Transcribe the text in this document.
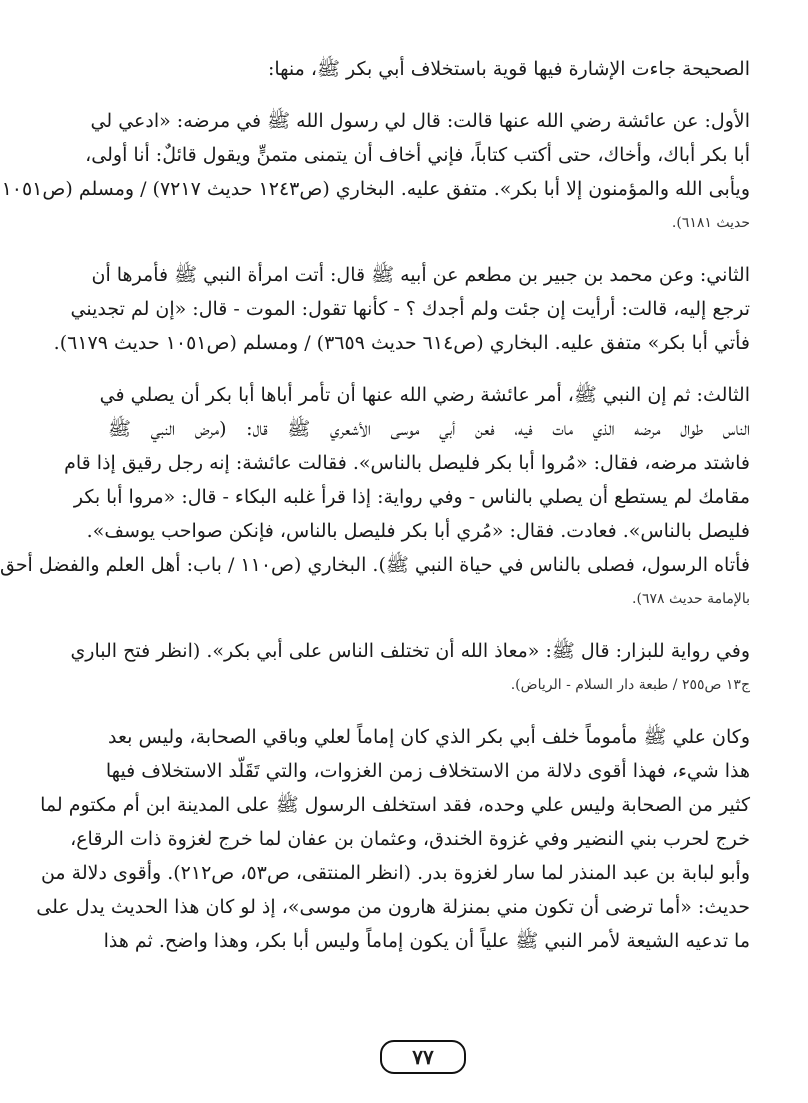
الصحيحة جاءت الإشارة فيها قوية باستخلاف أبي بكر ﷺ، منها:
الأول: عن عائشة رضي الله عنها قالت: قال لي رسول الله ﷺ في مرضه: «ادعي لي
أبا بكر أباك، وأخاك، حتى أكتب كتاباً، فإني أخاف أن يتمنى متمنٍّ ويقول قائلٌ: أنا أولى،
ويأبى الله والمؤمنون إلا أبا بكر». متفق عليه. البخاري (ص١٢٤٣ حديث ٧٢١٧) / ومسلم (ص١٠٥١
حديث ٦١٨١).
الثاني: وعن محمد بن جبير بن مطعم عن أبيه ﷺ قال: أتت امرأة النبي ﷺ فأمرها أن
ترجع إليه، قالت: أرأيت إن جئت ولم أجدك ؟ - كأنها تقول: الموت - قال: «إن لم تجديني
فأتي أبا بكر» متفق عليه. البخاري (ص٦١٤ حديث ٣٦٥٩) / ومسلم (ص١٠٥١ حديث ٦١٧٩).
الثالث: ثم إن النبي ﷺ، أمر عائشة رضي الله عنها أن تأمر أباها أبا بكر أن يصلي في
الناس طوال مرضه الذي مات فيه، فعن أبي موسى الأشعري ﷺ قال: (مرض النبي ﷺ
فاشتد مرضه، فقال: «مُروا أبا بكر فليصل بالناس». فقالت عائشة: إنه رجل رقيق إذا قام
مقامك لم يستطع أن يصلي بالناس - وفي رواية: إذا قرأ غلبه البكاء - قال: «مروا أبا بكر
فليصل بالناس». فعادت. فقال: «مُري أبا بكر فليصل بالناس، فإنكن صواحب يوسف».
فأتاه الرسول، فصلى بالناس في حياة النبي ﷺ). البخاري (ص١١٠ / باب: أهل العلم والفضل أحق
بالإمامة حديث ٦٧٨).
وفي رواية للبزار: قال ﷺ: «معاذ الله أن تختلف الناس على أبي بكر». (انظر فتح الباري
ج١٣ ص٢٥٥ / طبعة دار السلام - الرياض).
وكان علي ﷺ مأموماً خلف أبي بكر الذي كان إماماً لعلي وباقي الصحابة، وليس بعد
هذا شيء، فهذا أقوى دلالة من الاستخلاف زمن الغزوات، والتي تَقَلّد الاستخلاف فيها
كثير من الصحابة وليس علي وحده، فقد استخلف الرسول ﷺ على المدينة ابن أم مكتوم لما
خرج لحرب بني النضير وفي غزوة الخندق، وعثمان بن عفان لما خرج لغزوة ذات الرقاع،
وأبو لبابة بن عبد المنذر لما سار لغزوة بدر. (انظر المنتقى، ص٥٣، ص٢١٢). وأقوى دلالة من
حديث: «أما ترضى أن تكون مني بمنزلة هارون من موسى»، إذ لو كان هذا الحديث يدل على
ما تدعيه الشيعة لأمر النبي ﷺ علياً أن يكون إماماً وليس أبا بكر، وهذا واضح. ثم هذا
٧٧
